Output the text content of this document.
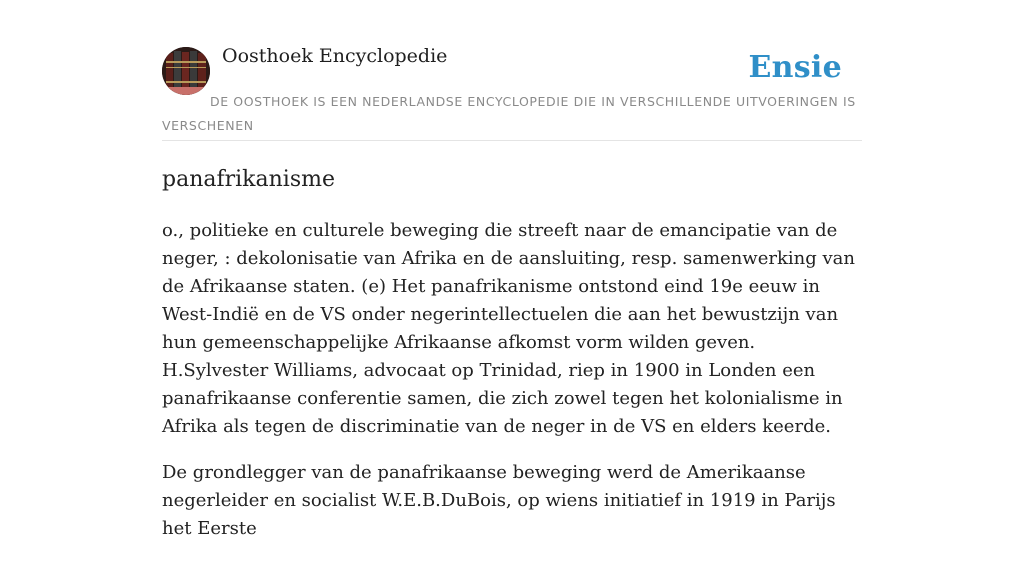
Oosthoek Encyclopedie	Ensie
DE OOSTHOEK IS EEN NEDERLANDSE ENCYCLOPEDIE DIE IN VERSCHILLENDE UITVOERINGEN IS VERSCHENEN
panafrikanisme

o., politieke en culturele beweging die streeft naar de emancipatie van de neger, : dekolonisatie van Afrika en de aansluiting, resp. samenwerking van de Afrikaanse staten. (e) Het panafrikanisme ontstond eind 19e eeuw in West-Indië en de VS onder negerintellectuelen die aan het bewustzijn van hun gemeenschappelijke Afrikaanse afkomst vorm wilden geven. H.Sylvester Williams, advocaat op Trinidad, riep in 1900 in Londen een panafrikaanse conferentie samen, die zich zowel tegen het kolonialisme in Afrika als tegen de discriminatie van de neger in de VS en elders keerde.

De grondlegger van de panafrikaanse beweging werd de Amerikaanse negerleider en socialist W.E.B.DuBois, op wiens initiatief in 1919 in Parijs het Eerste
